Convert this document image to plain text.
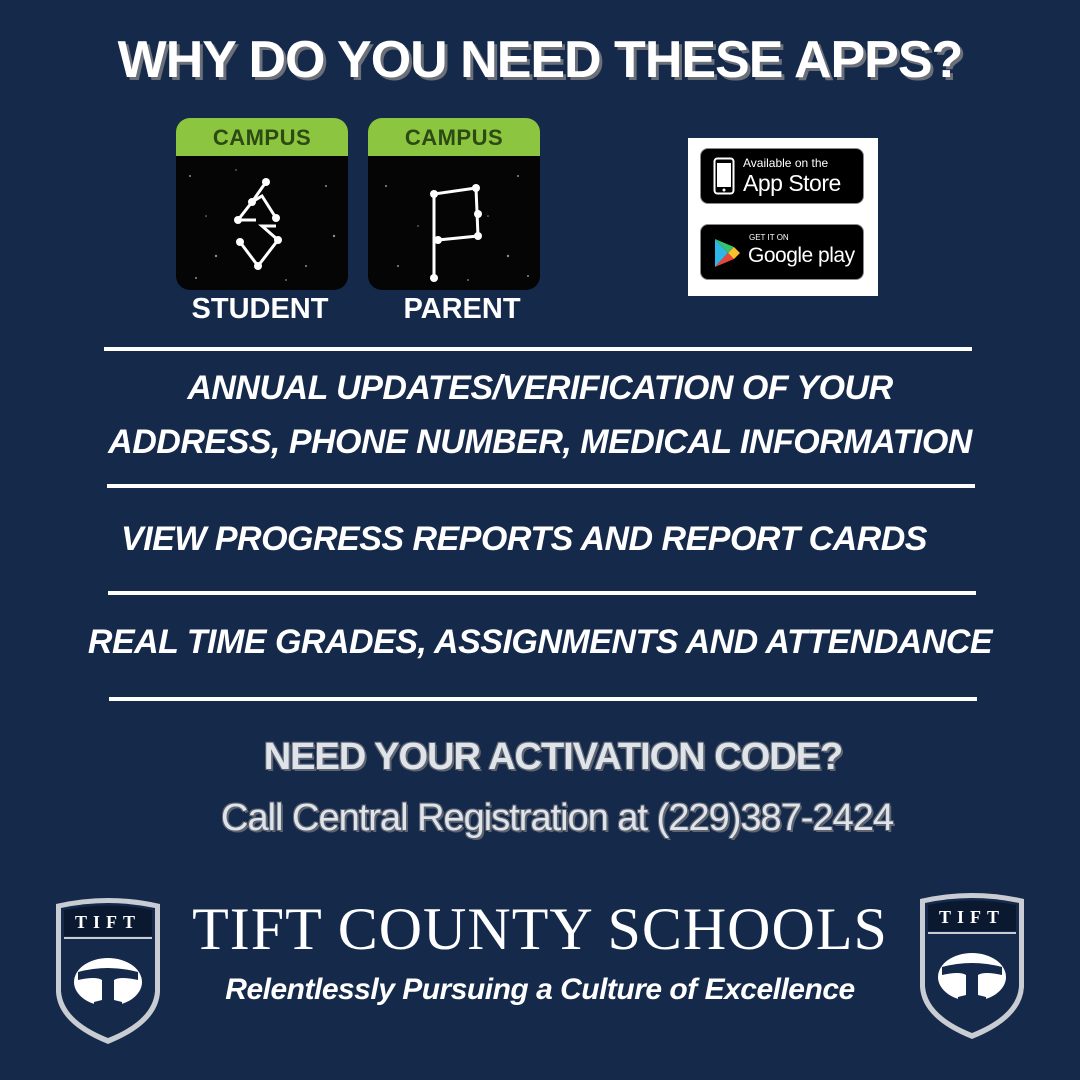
WHY DO YOU NEED THESE APPS?
CAMPUS
STUDENT
CAMPUS
PARENT
Available on the
App Store
GET IT ON
Google play
ANNUAL UPDATES/VERIFICATION OF YOUR
ADDRESS, PHONE NUMBER, MEDICAL INFORMATION
VIEW PROGRESS REPORTS AND REPORT CARDS
REAL TIME GRADES, ASSIGNMENTS AND ATTENDANCE
NEED YOUR ACTIVATION CODE?
Call Central Registration at (229)387-2424
TIFT	TIFT
TIFT COUNTY SCHOOLS
Relentlessly Pursuing a Culture of Excellence
